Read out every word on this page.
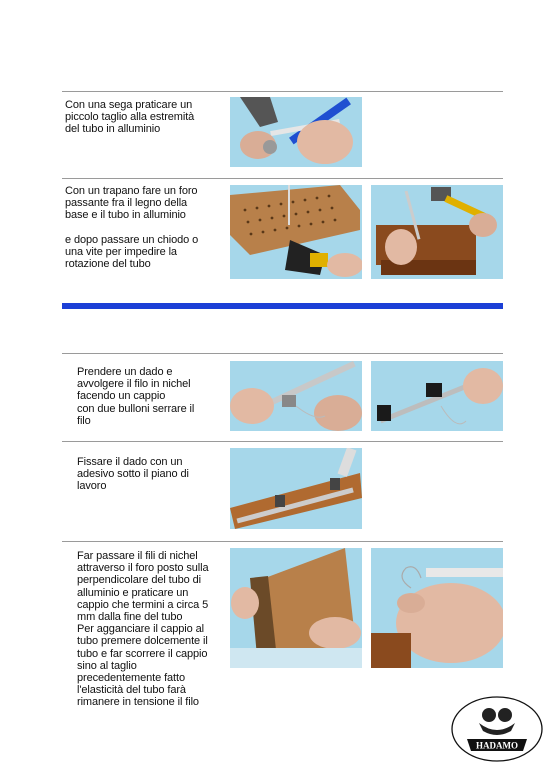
Con una sega praticare un
piccolo taglio alla estremità
del tubo in alluminio
Con un trapano fare un foro
passante fra il legno della
base e il tubo in alluminio

e dopo passare un chiodo o
una vite per impedire la
rotazione del tubo
Prendere un dado e
avvolgere il filo in nichel
facendo un cappio
con due bulloni serrare il
filo
Fissare il dado con un
adesivo sotto il piano di
lavoro
Far passare il fili di nichel
attraverso il foro posto sulla
perpendicolare del tubo di
alluminio e praticare un
cappio che termini a circa 5
mm dalla fine del tubo
Per agganciare il cappio al
tubo premere dolcemente il
tubo e far scorrere il cappio
sino al taglio
precedentemente fatto
l'elasticità del tubo farà
rimanere in tensione il filo
HADAMO
